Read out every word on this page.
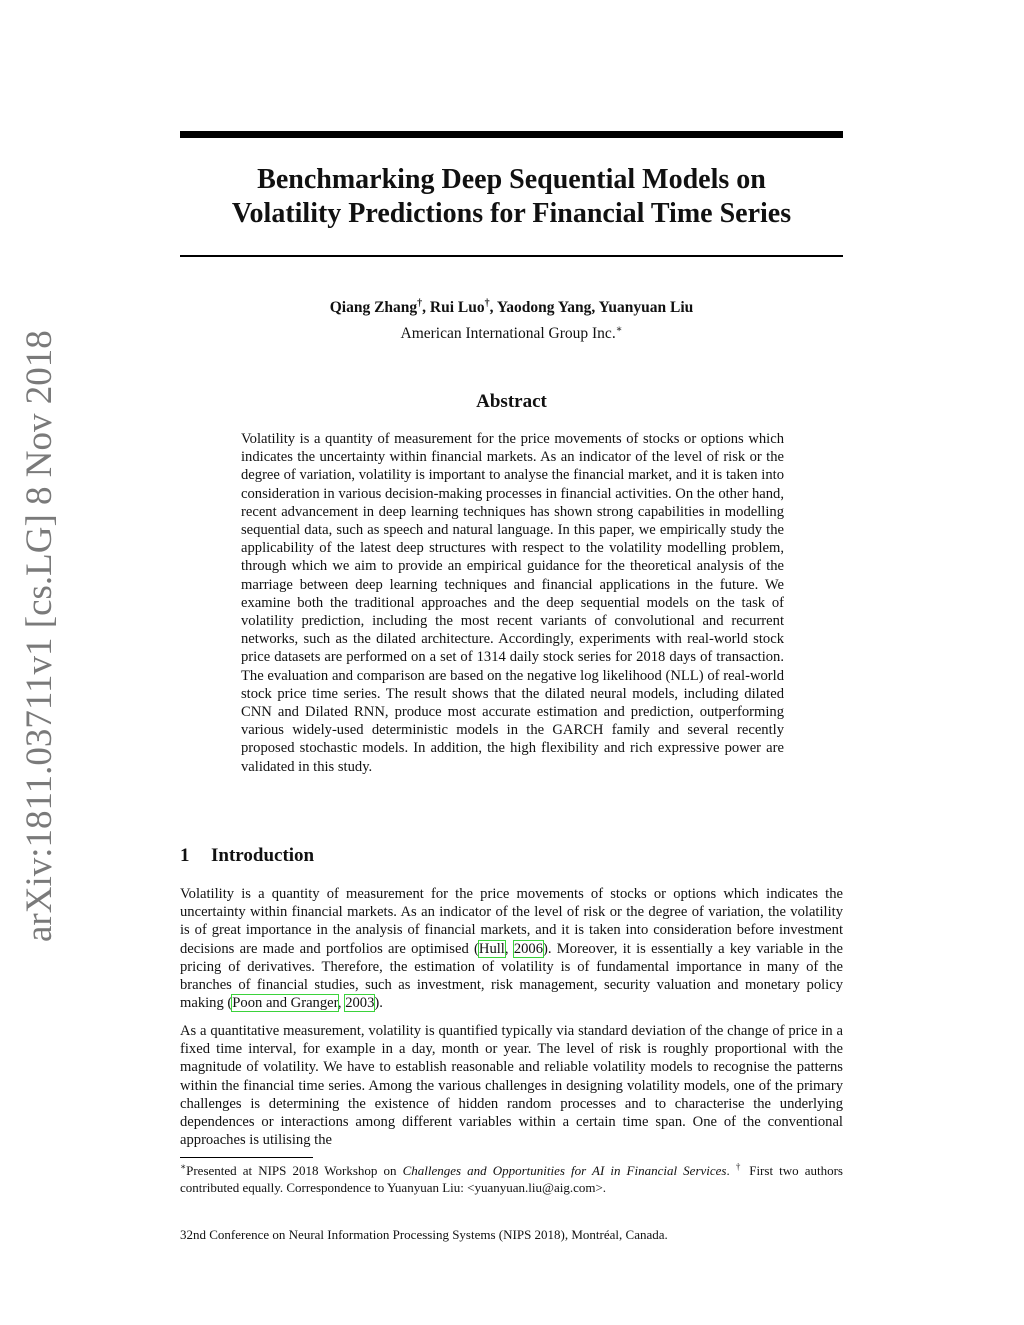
arXiv:1811.03711v1 [cs.LG] 8 Nov 2018
Benchmarking Deep Sequential Models on
Volatility Predictions for Financial Time Series
Qiang Zhang†, Rui Luo†, Yaodong Yang, Yuanyuan Liu
American International Group Inc.∗
Abstract

Volatility is a quantity of measurement for the price movements of stocks or options which indicates the uncertainty within financial markets. As an indicator of the level of risk or the degree of variation, volatility is important to analyse the financial market, and it is taken into consideration in various decision-making processes in financial activities. On the other hand, recent advancement in deep learning techniques has shown strong capabilities in modelling sequential data, such as speech and natural language. In this paper, we empirically study the applicability of the latest deep structures with respect to the volatility modelling problem, through which we aim to provide an empirical guidance for the theoretical analysis of the marriage between deep learning techniques and financial applications in the future. We examine both the traditional approaches and the deep sequential models on the task of volatility prediction, including the most recent variants of convolutional and recurrent networks, such as the dilated architecture. Accordingly, experiments with real-world stock price datasets are performed on a set of 1314 daily stock series for 2018 days of transaction. The evaluation and comparison are based on the negative log likelihood (NLL) of real-world stock price time series. The result shows that the dilated neural models, including dilated CNN and Dilated RNN, produce most accurate estimation and prediction, outperforming various widely-used deterministic models in the GARCH family and several recently proposed stochastic models. In addition, the high flexibility and rich expressive power are validated in this study.

1 Introduction

Volatility is a quantity of measurement for the price movements of stocks or options which indicates the uncertainty within financial markets. As an indicator of the level of risk or the degree of variation, the volatility is of great importance in the analysis of financial markets, and it is taken into consideration before investment decisions are made and portfolios are optimised (Hull, 2006). Moreover, it is essentially a key variable in the pricing of derivatives. Therefore, the estimation of volatility is of fundamental importance in many of the branches of financial studies, such as investment, risk management, security valuation and monetary policy making (Poon and Granger, 2003).

As a quantitative measurement, volatility is quantified typically via standard deviation of the change of price in a fixed time interval, for example in a day, month or year. The level of risk is roughly proportional with the magnitude of volatility. We have to establish reasonable and reliable volatility models to recognise the patterns within the financial time series. Among the various challenges in designing volatility models, one of the primary challenges is determining the existence of hidden random processes and to characterise the underlying dependences or interactions among different variables within a certain time span. One of the conventional approaches is utilising the

∗Presented at NIPS 2018 Workshop on Challenges and Opportunities for AI in Financial Services. † First two authors contributed equally. Correspondence to Yuanyuan Liu: <yuanyuan.liu@aig.com>.

32nd Conference on Neural Information Processing Systems (NIPS 2018), Montréal, Canada.
